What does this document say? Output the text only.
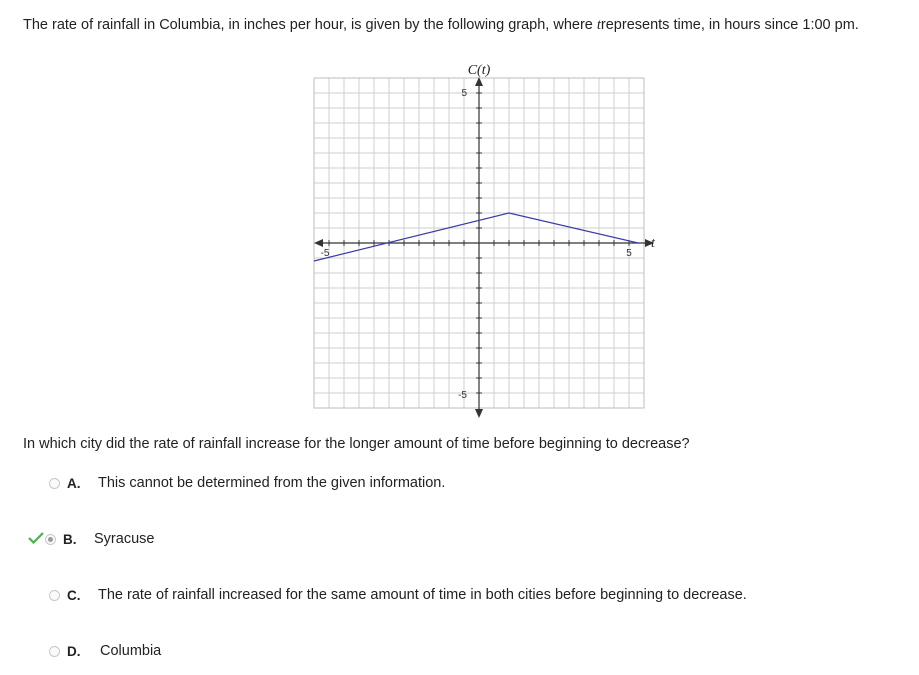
The rate of rainfall in Columbia, in inches per hour, is given by the following graph, where trepresents time, in hours since 1:00 pm.
C(t)
t
5
-5
-5	5
In which city did the rate of rainfall increase for the longer amount of time before beginning to decrease?
A. This cannot be determined from the given information.
B. Syracuse
C. The rate of rainfall increased for the same amount of time in both cities before beginning to decrease.
D. Columbia
